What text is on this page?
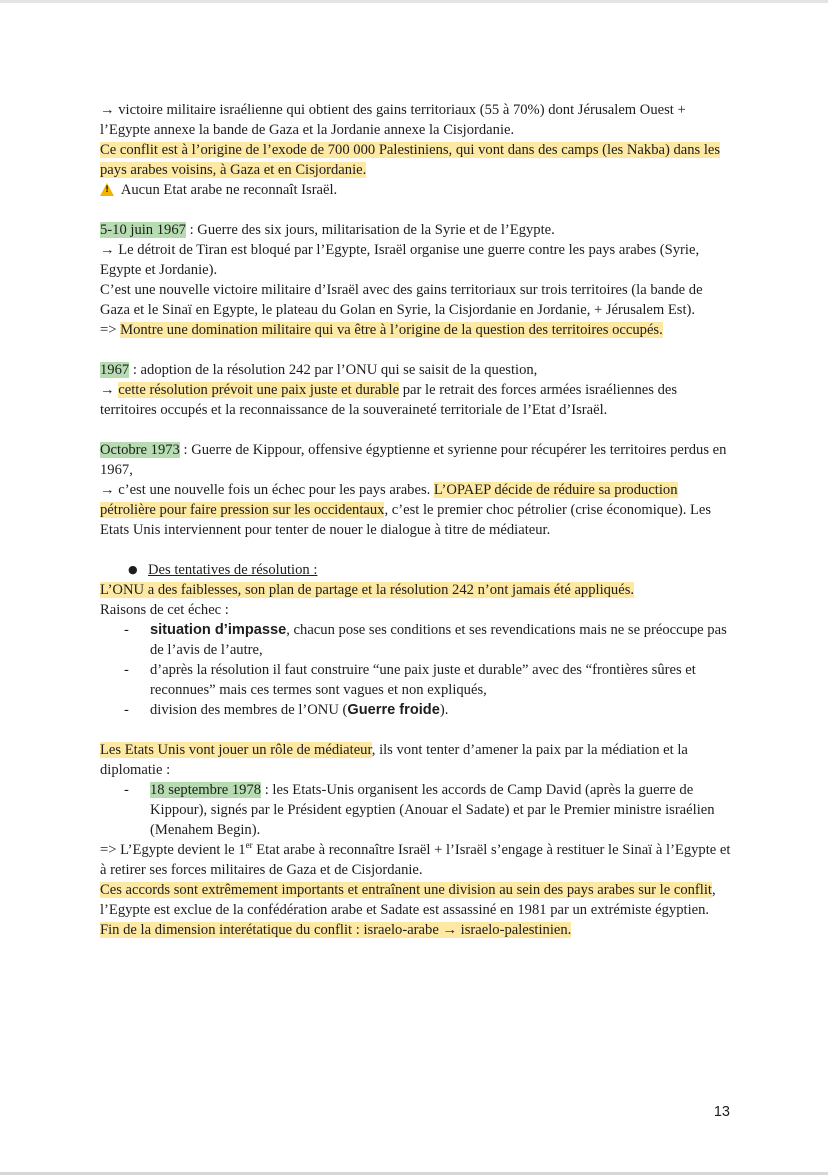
→ victoire militaire israélienne qui obtient des gains territoriaux (55 à 70%) dont Jérusalem Ouest + l’Egypte annexe la bande de Gaza et la Jordanie annexe la Cisjordanie.

Ce conflit est à l’origine de l’exode de 700 000 Palestiniens, qui vont dans des camps (les Nakba) dans les pays arabes voisins, à Gaza et en Cisjordanie.

! Aucun Etat arabe ne reconnaît Israël.

5-10 juin 1967 : Guerre des six jours, militarisation de la Syrie et de l’Egypte.

→ Le détroit de Tiran est bloqué par l’Egypte, Israël organise une guerre contre les pays arabes (Syrie, Egypte et Jordanie).

C’est une nouvelle victoire militaire d’Israël avec des gains territoriaux sur trois territoires (la bande de Gaza et le Sinaï en Egypte, le plateau du Golan en Syrie, la Cisjordanie en Jordanie, + Jérusalem Est).

=> Montre une domination militaire qui va être à l’origine de la question des territoires occupés.

1967 : adoption de la résolution 242 par l’ONU qui se saisit de la question,

→ cette résolution prévoit une paix juste et durable par le retrait des forces armées israéliennes des territoires occupés et la reconnaissance de la souveraineté territoriale de l’Etat d’Israël.

Octobre 1973 : Guerre de Kippour, offensive égyptienne et syrienne pour récupérer les territoires perdus en 1967,

→ c’est une nouvelle fois un échec pour les pays arabes. L’OPAEP décide de réduire sa production pétrolière pour faire pression sur les occidentaux, c’est le premier choc pétrolier (crise économique). Les Etats Unis interviennent pour tenter de nouer le dialogue à titre de médiateur.

● Des tentatives de résolution :

L’ONU a des faiblesses, son plan de partage et la résolution 242 n’ont jamais été appliqués.

Raisons de cet échec :

- situation d’impasse, chacun pose ses conditions et ses revendications mais ne se préoccupe pas de l’avis de l’autre,
- d’après la résolution il faut construire “une paix juste et durable” avec des “frontières sûres et reconnues” mais ces termes sont vagues et non expliqués,
- division des membres de l’ONU (Guerre froide).

Les Etats Unis vont jouer un rôle de médiateur, ils vont tenter d’amener la paix par la médiation et la diplomatie :

- 18 septembre 1978 : les Etats-Unis organisent les accords de Camp David (après la guerre de Kippour), signés par le Président egyptien (Anouar el Sadate) et par le Premier ministre israélien (Menahem Begin).

=> L’Egypte devient le 1er Etat arabe à reconnaître Israël + l’Israël s’engage à restituer le Sinaï à l’Egypte et à retirer ses forces militaires de Gaza et de Cisjordanie.

Ces accords sont extrêmement importants et entraînent une division au sein des pays arabes sur le conflit, l’Egypte est exclue de la confédération arabe et Sadate est assassiné en 1981 par un extrémiste égyptien.

Fin de la dimension interétatique du conflit : israelo-arabe → israelo-palestinien.

13
